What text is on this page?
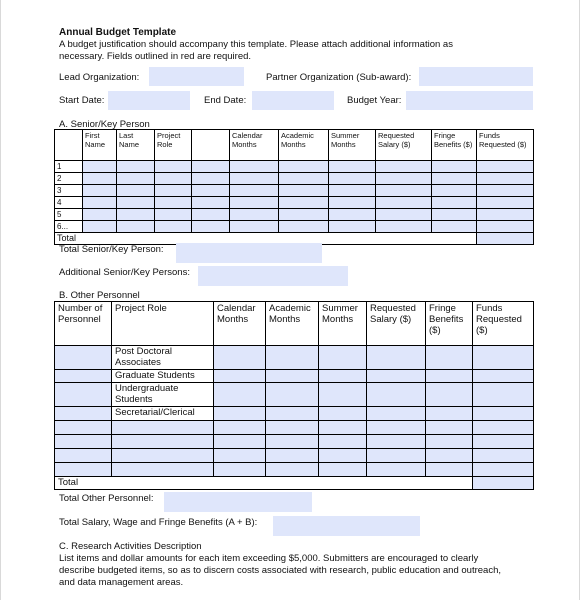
Annual Budget Template
A budget justification should accompany this template. Please attach additional information as
necessary. Fields outlined in red are required.
Lead Organization:	Partner Organization (Sub-award):
Start Date:	End Date:	Budget Year:
A. Senior/Key Person
	First Name	Last Name	Project Role		Calendar Months	Academic Months	Summer Months	Requested Salary ($)	Fringe Benefits ($)	Funds Requested ($)
1										
2										
3										
4										
5										
6...										
Total										
Total Senior/Key Person:
Additional Senior/Key Persons:
B. Other Personnel
Number of Personnel	Project Role	Calendar Months	Academic Months	Summer Months	Requested Salary ($)	Fringe Benefits ($)	Funds Requested ($)
	Post Doctoral Associates						
	Graduate Students						
	Undergraduate Students						
	Secretarial/Clerical						

Total							
Total Other Personnel:
Total Salary, Wage and Fringe Benefits (A + B):
C. Research Activities Description
List items and dollar amounts for each item exceeding $5,000. Submitters are encouraged to clearly
describe budgeted items, so as to discern costs associated with research, public education and outreach,
and data management areas.
